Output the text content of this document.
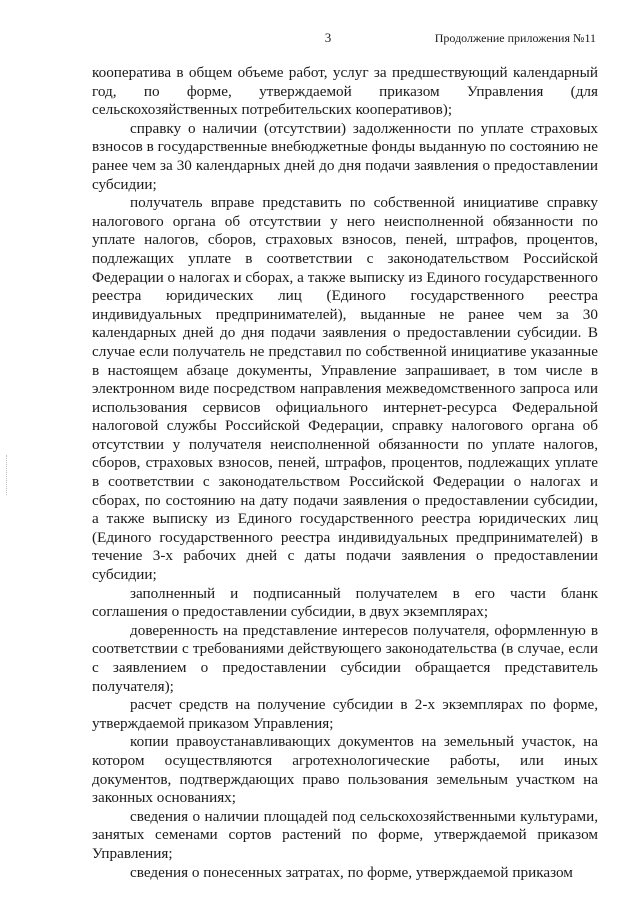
3	Продолжение приложения №11

кооператива в общем объеме работ, услуг за предшествующий календарный год, по форме, утверждаемой приказом Управления (для сельскохозяйственных потребительских кооперативов);

справку о наличии (отсутствии) задолженности по уплате страховых взносов в государственные внебюджетные фонды выданную по состоянию не ранее чем за 30 календарных дней до дня подачи заявления о предоставлении субсидии;

получатель вправе представить по собственной инициативе справку налогового органа об отсутствии у него неисполненной обязанности по уплате налогов, сборов, страховых взносов, пеней, штрафов, процентов, подлежащих уплате в соответствии с законодательством Российской Федерации о налогах и сборах, а также выписку из Единого государственного реестра юридических лиц (Единого государственного реестра индивидуальных предпринимателей), выданные не ранее чем за 30 календарных дней до дня подачи заявления о предоставлении субсидии. В случае если получатель не представил по собственной инициативе указанные в настоящем абзаце документы, Управление запрашивает, в том числе в электронном виде посредством направления межведомственного запроса или использования сервисов официального интернет-ресурса Федеральной налоговой службы Российской Федерации, справку налогового органа об отсутствии у получателя неисполненной обязанности по уплате налогов, сборов, страховых взносов, пеней, штрафов, процентов, подлежащих уплате в соответствии с законодательством Российской Федерации о налогах и сборах, по состоянию на дату подачи заявления о предоставлении субсидии, а также выписку из Единого государственного реестра юридических лиц (Единого государственного реестра индивидуальных предпринимателей) в течение 3-х рабочих дней с даты подачи заявления о предоставлении субсидии;

заполненный и подписанный получателем в его части бланк соглашения о предоставлении субсидии, в двух экземплярах;

доверенность на представление интересов получателя, оформленную в соответствии с требованиями действующего законодательства (в случае, если с заявлением о предоставлении субсидии обращается представитель получателя);

расчет средств на получение субсидии в 2-х экземплярах по форме, утверждаемой приказом Управления;

копии правоустанавливающих документов на земельный участок, на котором осуществляются агротехнологические работы, или иных документов, подтверждающих право пользования земельным участком на законных основаниях;

сведения о наличии площадей под сельскохозяйственными культурами, занятых семенами сортов растений по форме, утверждаемой приказом Управления;

сведения о понесенных затратах, по форме, утверждаемой приказом
